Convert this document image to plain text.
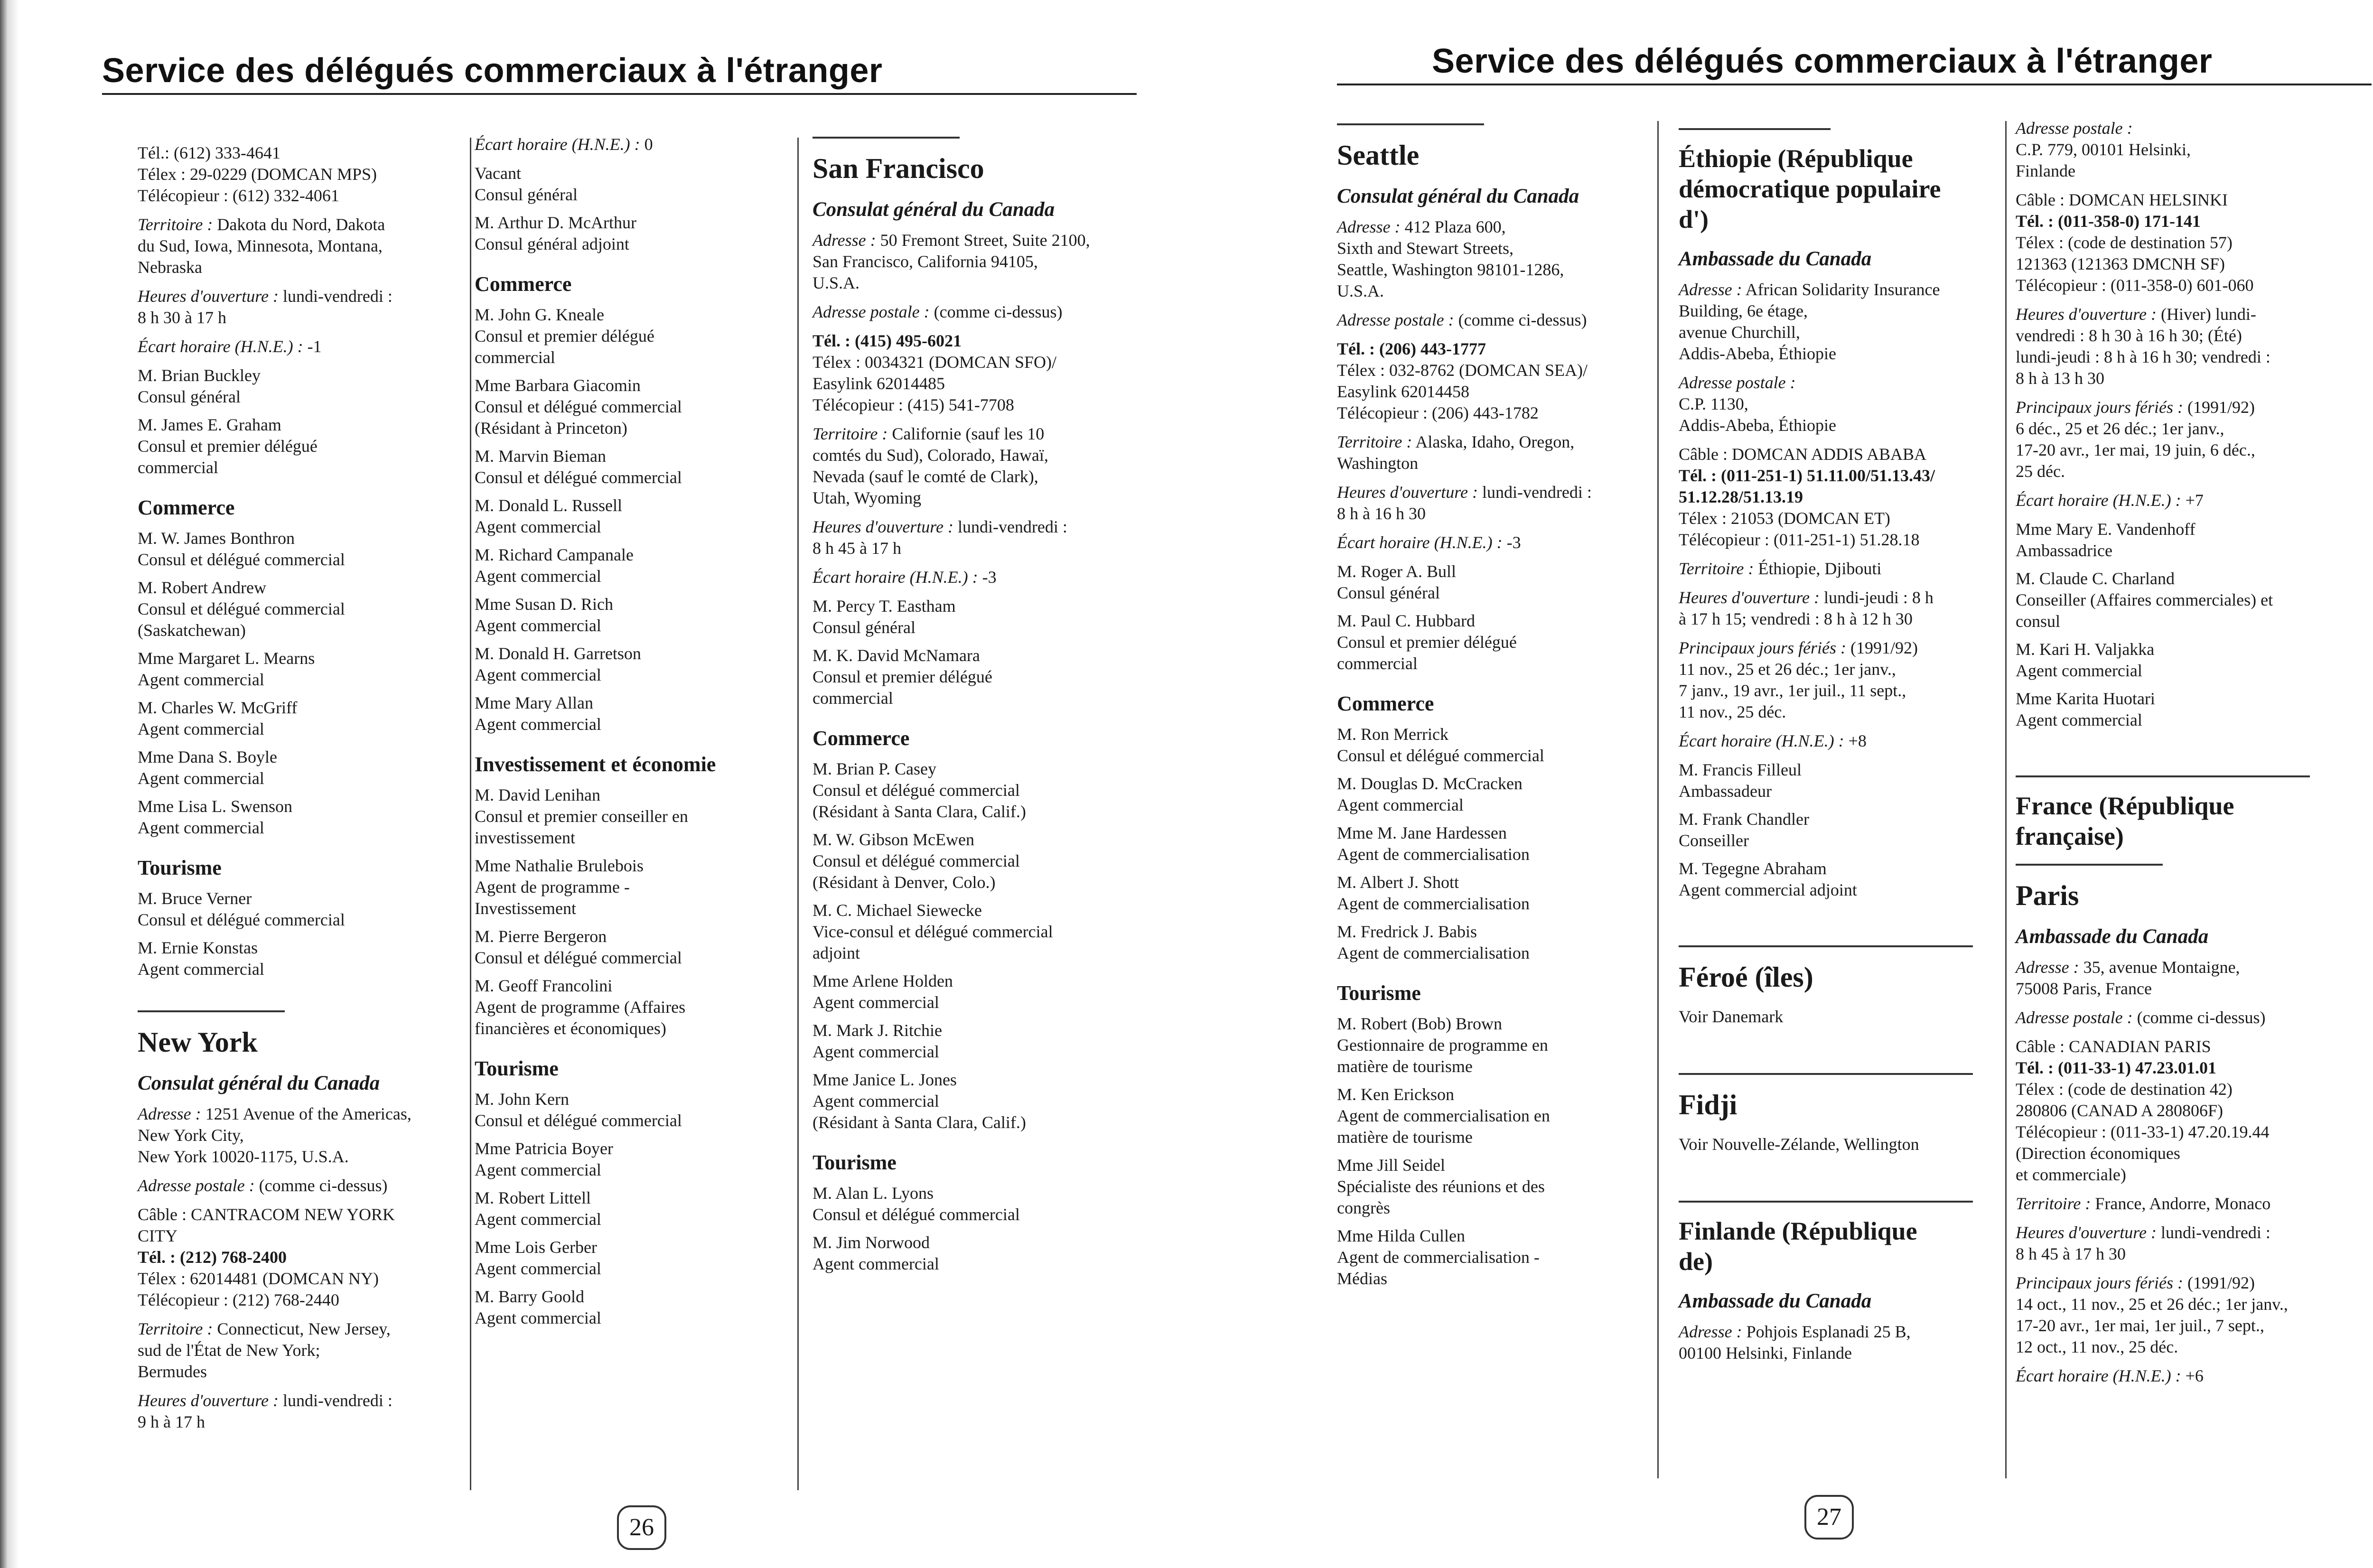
Service des délégués commerciaux à l'étranger
Tél.: (612) 333-4641
Télex : 29-0229 (DOMCAN MPS)
Télécopieur : (612) 332-4061
Territoire : Dakota du Nord, Dakota
du Sud, Iowa, Minnesota, Montana,
Nebraska
Heures d'ouverture : lundi-vendredi :
8 h 30 à 17 h
Écart horaire (H.N.E.) : -1
M. Brian Buckley
Consul général
M. James E. Graham
Consul et premier délégué
commercial
Commerce
M. W. James Bonthron
Consul et délégué commercial
M. Robert Andrew
Consul et délégué commercial
(Saskatchewan)
Mme Margaret L. Mearns
Agent commercial
M. Charles W. McGriff
Agent commercial
Mme Dana S. Boyle
Agent commercial
Mme Lisa L. Swenson
Agent commercial
Tourisme
M. Bruce Verner
Consul et délégué commercial
M. Ernie Konstas
Agent commercial
New York
Consulat général du Canada
Adresse : 1251 Avenue of the Americas,
New York City,
New York 10020-1175, U.S.A.
Adresse postale : (comme ci-dessus)
Câble : CANTRACOM NEW YORK
CITY
Tél. : (212) 768-2400
Télex : 62014481 (DOMCAN NY)
Télécopieur : (212) 768-2440
Territoire : Connecticut, New Jersey,
sud de l'État de New York;
Bermudes
Heures d'ouverture : lundi-vendredi :
9 h à 17 h
Écart horaire (H.N.E.) : 0
Vacant
Consul général
M. Arthur D. McArthur
Consul général adjoint
Commerce
M. John G. Kneale
Consul et premier délégué
commercial
Mme Barbara Giacomin
Consul et délégué commercial
(Résidant à Princeton)
M. Marvin Bieman
Consul et délégué commercial
M. Donald L. Russell
Agent commercial
M. Richard Campanale
Agent commercial
Mme Susan D. Rich
Agent commercial
M. Donald H. Garretson
Agent commercial
Mme Mary Allan
Agent commercial
Investissement et économie
M. David Lenihan
Consul et premier conseiller en
investissement
Mme Nathalie Brulebois
Agent de programme -
Investissement
M. Pierre Bergeron
Consul et délégué commercial
M. Geoff Francolini
Agent de programme (Affaires
financières et économiques)
Tourisme
M. John Kern
Consul et délégué commercial
Mme Patricia Boyer
Agent commercial
M. Robert Littell
Agent commercial
Mme Lois Gerber
Agent commercial
M. Barry Goold
Agent commercial
San Francisco
Consulat général du Canada
Adresse : 50 Fremont Street, Suite 2100,
San Francisco, California 94105,
U.S.A.
Adresse postale : (comme ci-dessus)
Tél. : (415) 495-6021
Télex : 0034321 (DOMCAN SFO)/
Easylink 62014485
Télécopieur : (415) 541-7708
Territoire : Californie (sauf les 10
comtés du Sud), Colorado, Hawaï,
Nevada (sauf le comté de Clark),
Utah, Wyoming
Heures d'ouverture : lundi-vendredi :
8 h 45 à 17 h
Écart horaire (H.N.E.) : -3
M. Percy T. Eastham
Consul général
M. K. David McNamara
Consul et premier délégué
commercial
Commerce
M. Brian P. Casey
Consul et délégué commercial
(Résidant à Santa Clara, Calif.)
M. W. Gibson McEwen
Consul et délégué commercial
(Résidant à Denver, Colo.)
M. C. Michael Siewecke
Vice-consul et délégué commercial
adjoint
Mme Arlene Holden
Agent commercial
M. Mark J. Ritchie
Agent commercial
Mme Janice L. Jones
Agent commercial
(Résidant à Santa Clara, Calif.)
Tourisme
M. Alan L. Lyons
Consul et délégué commercial
M. Jim Norwood
Agent commercial
26
Service des délégués commerciaux à l'étranger
Seattle
Consulat général du Canada
Adresse : 412 Plaza 600,
Sixth and Stewart Streets,
Seattle, Washington 98101-1286,
U.S.A.
Adresse postale : (comme ci-dessus)
Tél. : (206) 443-1777
Télex : 032-8762 (DOMCAN SEA)/
Easylink 62014458
Télécopieur : (206) 443-1782
Territoire : Alaska, Idaho, Oregon,
Washington
Heures d'ouverture : lundi-vendredi :
8 h à 16 h 30
Écart horaire (H.N.E.) : -3
M. Roger A. Bull
Consul général
M. Paul C. Hubbard
Consul et premier délégué
commercial
Commerce
M. Ron Merrick
Consul et délégué commercial
M. Douglas D. McCracken
Agent commercial
Mme M. Jane Hardessen
Agent de commercialisation
M. Albert J. Shott
Agent de commercialisation
M. Fredrick J. Babis
Agent de commercialisation
Tourisme
M. Robert (Bob) Brown
Gestionnaire de programme en
matière de tourisme
M. Ken Erickson
Agent de commercialisation en
matière de tourisme
Mme Jill Seidel
Spécialiste des réunions et des
congrès
Mme Hilda Cullen
Agent de commercialisation -
Médias
Éthiopie (République
démocratique populaire
d')
Ambassade du Canada
Adresse : African Solidarity Insurance
Building, 6e étage,
avenue Churchill,
Addis-Abeba, Éthiopie
Adresse postale :
C.P. 1130,
Addis-Abeba, Éthiopie
Câble : DOMCAN ADDIS ABABA
Tél. : (011-251-1) 51.11.00/51.13.43/
51.12.28/51.13.19
Télex : 21053 (DOMCAN ET)
Télécopieur : (011-251-1) 51.28.18
Territoire : Éthiopie, Djibouti
Heures d'ouverture : lundi-jeudi : 8 h
à 17 h 15; vendredi : 8 h à 12 h 30
Principaux jours fériés : (1991/92)
11 nov., 25 et 26 déc.; 1er janv.,
7 janv., 19 avr., 1er juil., 11 sept.,
11 nov., 25 déc.
Écart horaire (H.N.E.) : +8
M. Francis Filleul
Ambassadeur
M. Frank Chandler
Conseiller
M. Tegegne Abraham
Agent commercial adjoint
Féroé (îles)
Voir Danemark
Fidji
Voir Nouvelle-Zélande, Wellington
Finlande (République
de)
Ambassade du Canada
Adresse : Pohjois Esplanadi 25 B,
00100 Helsinki, Finlande
Adresse postale :
C.P. 779, 00101 Helsinki,
Finlande
Câble : DOMCAN HELSINKI
Tél. : (011-358-0) 171-141
Télex : (code de destination 57)
121363 (121363 DMCNH SF)
Télécopieur : (011-358-0) 601-060
Heures d'ouverture : (Hiver) lundi-
vendredi : 8 h 30 à 16 h 30; (Été)
lundi-jeudi : 8 h à 16 h 30; vendredi :
8 h à 13 h 30
Principaux jours fériés : (1991/92)
6 déc., 25 et 26 déc.; 1er janv.,
17-20 avr., 1er mai, 19 juin, 6 déc.,
25 déc.
Écart horaire (H.N.E.) : +7
Mme Mary E. Vandenhoff
Ambassadrice
M. Claude C. Charland
Conseiller (Affaires commerciales) et
consul
M. Kari H. Valjakka
Agent commercial
Mme Karita Huotari
Agent commercial
France (République
française)
Paris
Ambassade du Canada
Adresse : 35, avenue Montaigne,
75008 Paris, France
Adresse postale : (comme ci-dessus)
Câble : CANADIAN PARIS
Tél. : (011-33-1) 47.23.01.01
Télex : (code de destination 42)
280806 (CANAD A 280806F)
Télécopieur : (011-33-1) 47.20.19.44
(Direction économiques
et commerciale)
Territoire : France, Andorre, Monaco
Heures d'ouverture : lundi-vendredi :
8 h 45 à 17 h 30
Principaux jours fériés : (1991/92)
14 oct., 11 nov., 25 et 26 déc.; 1er janv.,
17-20 avr., 1er mai, 1er juil., 7 sept.,
12 oct., 11 nov., 25 déc.
Écart horaire (H.N.E.) : +6
27
